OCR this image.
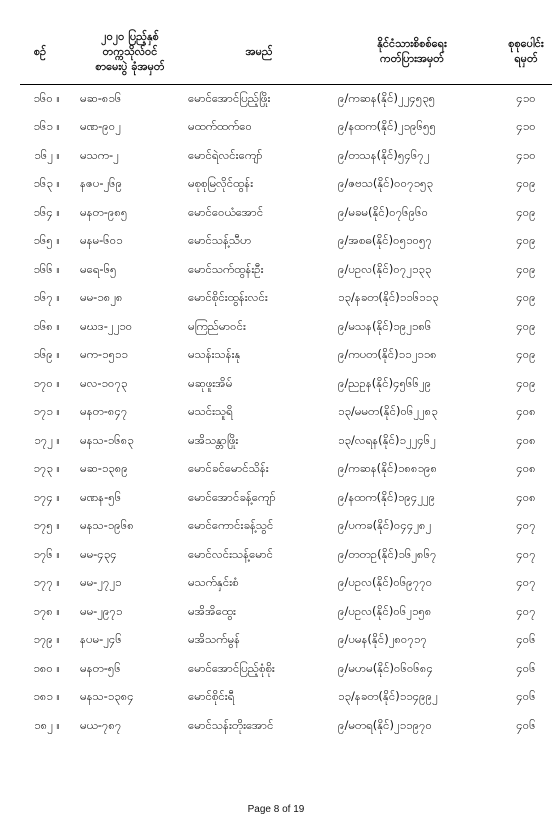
စဉ်	၂၀၂၀ ပြည့်နှစ်
တက္ကသိုလ်ဝင်
စာမေးပွဲ ခုံအမှတ်	အမည်	နိုင်ငံသားစိစစ်ရေး
ကတ်ပြားအမှတ်	စုစုပေါင်း
ရမှတ်

၁၆၀ ။	မဆ-၈၁၆	မောင်အောင်ပြည့်ဖြိုး	၉/ကဆန(နိုင်)၂၂၄၅၃၅	၄၁၀
၁၆၁ ။	မဏ-၉၀၂	မထက်ထက်ဝေ	၉/နထက(နိုင်)၂၁၉၆၅၅	၄၁၀
၁၆၂ ။	မသက-၂	မောင်ရဲလင်းကျော်	၉/တသန(နိုင်)၅၄၆၇၂	၄၁၀
၁၆၃ ။	နဇပ-၂၆၉	မစုစုမြလိုင်ထွန်း	၉/ဇဗသ(နိုင်)၀၀၇၁၅၃	၄၀၉
၁၆၄ ။	မနတ-၉၈၅	မောင်ဝေယံအောင်	၉/မခမ(နိုင်)၀၇၆၉၆၀	၄၀၉
၁၆၅ ။	မနမ-၆၀၁	မောင်သန့်သီဟ	၉/အစဓ(နိုင်)၀၅၁၀၅၇	၄၀၉
၁၆၆ ။	မရေ-၆၅	မောင်သက်ထွန်းဦး	၉/ပဥလ(နိုင်)၀၇၂၁၃၃	၄၀၉
၁၆၇ ။	မမ-၁၈၂၈	မောင်စိုင်းထွန်းလင်း	၁၃/နခတ(နိုင်)၁၁၆၁၁၃	၄၀၉
၁၆၈ ။	မဃဒ-၂၂၁၀	မကြည်မာဝင်း	၉/မသန(နိုင်)၁၉၂၁၈၆	၄၀၉
၁၆၉ ။	မက-၁၅၁၁	မသန်းသန်းနု	၉/ကပတ(နိုင်)၁၁၂၁၁၈	၄၀၉
၁၇၀ ။	မလ-၁၀၇၃	မဆုဖူးအိမ်	၉/ညဥန(နိုင်)၄၅၆၆၂၉	၄၀၉
၁၇၁ ။	မနတ-၈၄၇	မသင်းသူရိ	၁၃/မမတ(နိုင်)၀၆၂၂၈၃	၄၀၈
၁၇၂ ။	မနသ-၁၆၈၃	မအိသန္တာဖြိုး	၁၃/လရန(နိုင်)၁၂၂၄၆၂	၄၀၈
၁၇၃ ။	မဆ-၁၃၈၉	မောင်ခင်မောင်သိန်း	၉/ကဆန(နိုင်)၁၈၈၁၉၈	၄၀၈
၁၇၄ ။	မဏန-၅၆	မောင်အောင်ခန့်ကျော်	၉/နထက(နိုင်)၁၉၄၂၂၉	၄၀၈
၁၇၅ ။	မနသ-၁၉၆၈	မောင်ကောင်းခန့်သွင်	၉/ပကခ(နိုင်)၀၄၄၂၈၂	၄၀၇
၁၇၆ ။	မမ-၄၃၄	မောင်လင်းသန့်မောင်	၉/တတဥ(နိုင်)၁၆၂၈၆၇	၄၀၇
၁၇၇ ။	မမ-၂၇၂၁	မသက်နှင်းစံ	၉/ပဥလ(နိုင်)၀၆၉၇၇၀	၄၀၇
၁၇၈ ။	မမ-၂၉၇၁	မအိအိထွေး	၉/ပဥလ(နိုင်)၀၆၂၁၅၈	၄၀၇
၁၇၉ ။	နပမ-၂၄၆	မအိသက်မွန်	၉/ပမန(နိုင်)၂၈၀၇၁၇	၄၀၆
၁၈၀ ။	မနတ-၅၆	မောင်အောင်ပြည့်စုံစိုး	၉/မဟမ(နိုင်)၀၆၀၆၈၄	၄၀၆
၁၈၁ ။	မနသ-၁၃၈၄	မောင်စိုင်းရီ	၁၃/နခတ(နိုင်)၁၁၄၉၉၂	၄၀၆
၁၈၂ ။	မယ-၇၈၇	မောင်သန်းတိုးအောင်	၉/မတရ(နိုင်)၂၁၁၉၇၀	၄၀၆
Page 8 of 19
